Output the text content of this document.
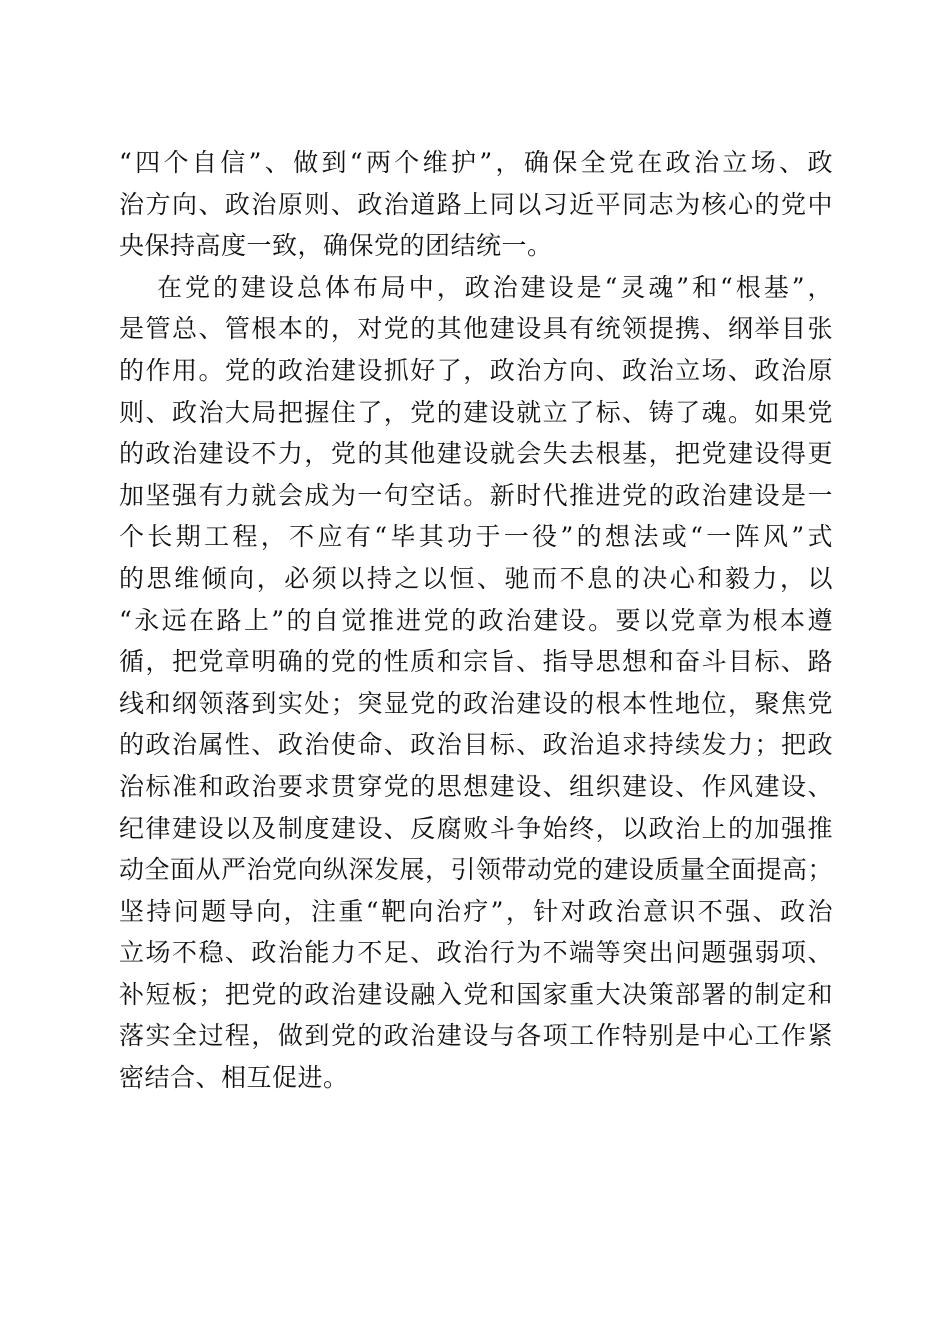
“四个自信”、做到“两个维护”，确保全党在政治立场、政
治方向、政治原则、政治道路上同以习近平同志为核心的党中
央保持高度一致，确保党的团结统一。
在党的建设总体布局中，政治建设是“灵魂”和“根基”，
是管总、管根本的，对党的其他建设具有统领提携、纲举目张
的作用。党的政治建设抓好了，政治方向、政治立场、政治原
则、政治大局把握住了，党的建设就立了标、铸了魂。如果党
的政治建设不力，党的其他建设就会失去根基，把党建设得更
加坚强有力就会成为一句空话。新时代推进党的政治建设是一
个长期工程，不应有“毕其功于一役”的想法或“一阵风”式
的思维倾向，必须以持之以恒、驰而不息的决心和毅力，以
“永远在路上”的自觉推进党的政治建设。要以党章为根本遵
循，把党章明确的党的性质和宗旨、指导思想和奋斗目标、路
线和纲领落到实处；突显党的政治建设的根本性地位，聚焦党
的政治属性、政治使命、政治目标、政治追求持续发力；把政
治标准和政治要求贯穿党的思想建设、组织建设、作风建设、
纪律建设以及制度建设、反腐败斗争始终，以政治上的加强推
动全面从严治党向纵深发展，引领带动党的建设质量全面提高；
坚持问题导向，注重“靶向治疗”，针对政治意识不强、政治
立场不稳、政治能力不足、政治行为不端等突出问题强弱项、
补短板；把党的政治建设融入党和国家重大决策部署的制定和
落实全过程，做到党的政治建设与各项工作特别是中心工作紧
密结合、相互促进。
